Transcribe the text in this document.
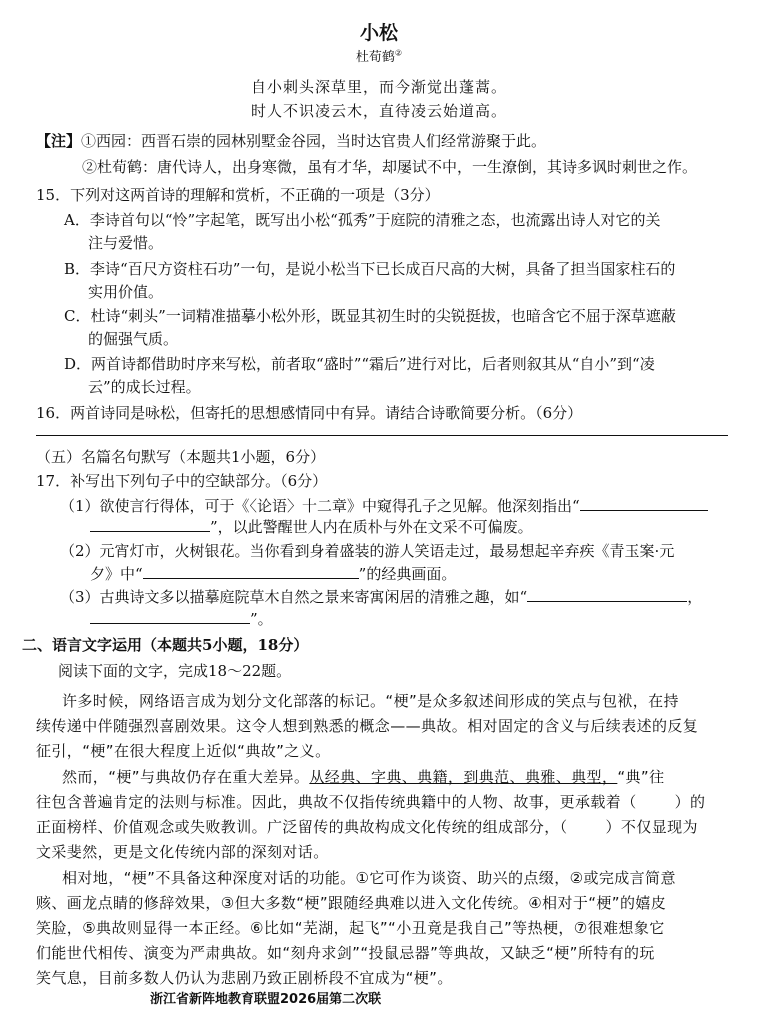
小松
杜荀鹤②
自小刺头深草里，而今渐觉出蓬蒿。
时人不识凌云木，直待凌云始道高。
【注】①西园：西晋石崇的园林别墅金谷园，当时达官贵人们经常游聚于此。
②杜荀鹤：唐代诗人，出身寒微，虽有才华，却屡试不中，一生潦倒，其诗多讽时刺世之作。
15．下列对这两首诗的理解和赏析，不正确的一项是（3分）
A．李诗首句以“怜”字起笔，既写出小松“孤秀”于庭院的清雅之态，也流露出诗人对它的关
注与爱惜。
B．李诗“百尺方资柱石功”一句，是说小松当下已长成百尺高的大树，具备了担当国家柱石的
实用价值。
C．杜诗“刺头”一词精准描摹小松外形，既显其初生时的尖锐挺拔，也暗含它不屈于深草遮蔽
的倔强气质。
D．两首诗都借助时序来写松，前者取“盛时”“霜后”进行对比，后者则叙其从“自小”到“凌
云”的成长过程。
16．两首诗同是咏松，但寄托的思想感情同中有异。请结合诗歌简要分析。（6分）
（五）名篇名句默写（本题共1小题，6分）
17．补写出下列句子中的空缺部分。（6分）
（1）欲使言行得体，可于《〈论语〉十二章》中窥得孔子之见解。他深刻指出“
”，以此警醒世人内在质朴与外在文采不可偏废。
（2）元宵灯市，火树银花。当你看到身着盛装的游人笑语走过，最易想起辛弃疾《青玉案·元
夕》中“	”的经典画面。
（3）古典诗文多以描摹庭院草木自然之景来寄寓闲居的清雅之趣，如“	，
”。
二、语言文字运用（本题共5小题，18分）
阅读下面的文字，完成18～22题。
许多时候，网络语言成为划分文化部落的标记。“梗”是众多叙述间形成的笑点与包袱，在持
续传递中伴随强烈喜剧效果。这令人想到熟悉的概念——典故。相对固定的含义与后续表述的反复
征引，“梗”在很大程度上近似“典故”之义。
然而，“梗”与典故仍存在重大差异。从经典、字典、典籍，到典范、典雅、典型，“典”往
往包含普遍肯定的法则与标准。因此，典故不仅指传统典籍中的人物、故事，更承载着（	）的
正面榜样、价值观念或失败教训。广泛留传的典故构成文化传统的组成部分，（	）不仅显现为
文采斐然，更是文化传统内部的深刻对话。
相对地，“梗”不具备这种深度对话的功能。①它可作为谈资、助兴的点缀，②或完成言简意
赅、画龙点睛的修辞效果，③但大多数“梗”跟随经典难以进入文化传统。④相对于“梗”的嬉皮
笑脸，⑤典故则显得一本正经。⑥比如“芜湖，起飞”“小丑竟是我自己”等热梗，⑦很难想象它
们能世代相传、演变为严肃典故。如“刻舟求剑”“投鼠忌器”等典故，又缺乏“梗”所特有的玩
笑气息，目前多数人仍认为悲剧乃致正剧桥段不宜成为“梗”。
浙江省新阵地教育联盟2026届第二次联
